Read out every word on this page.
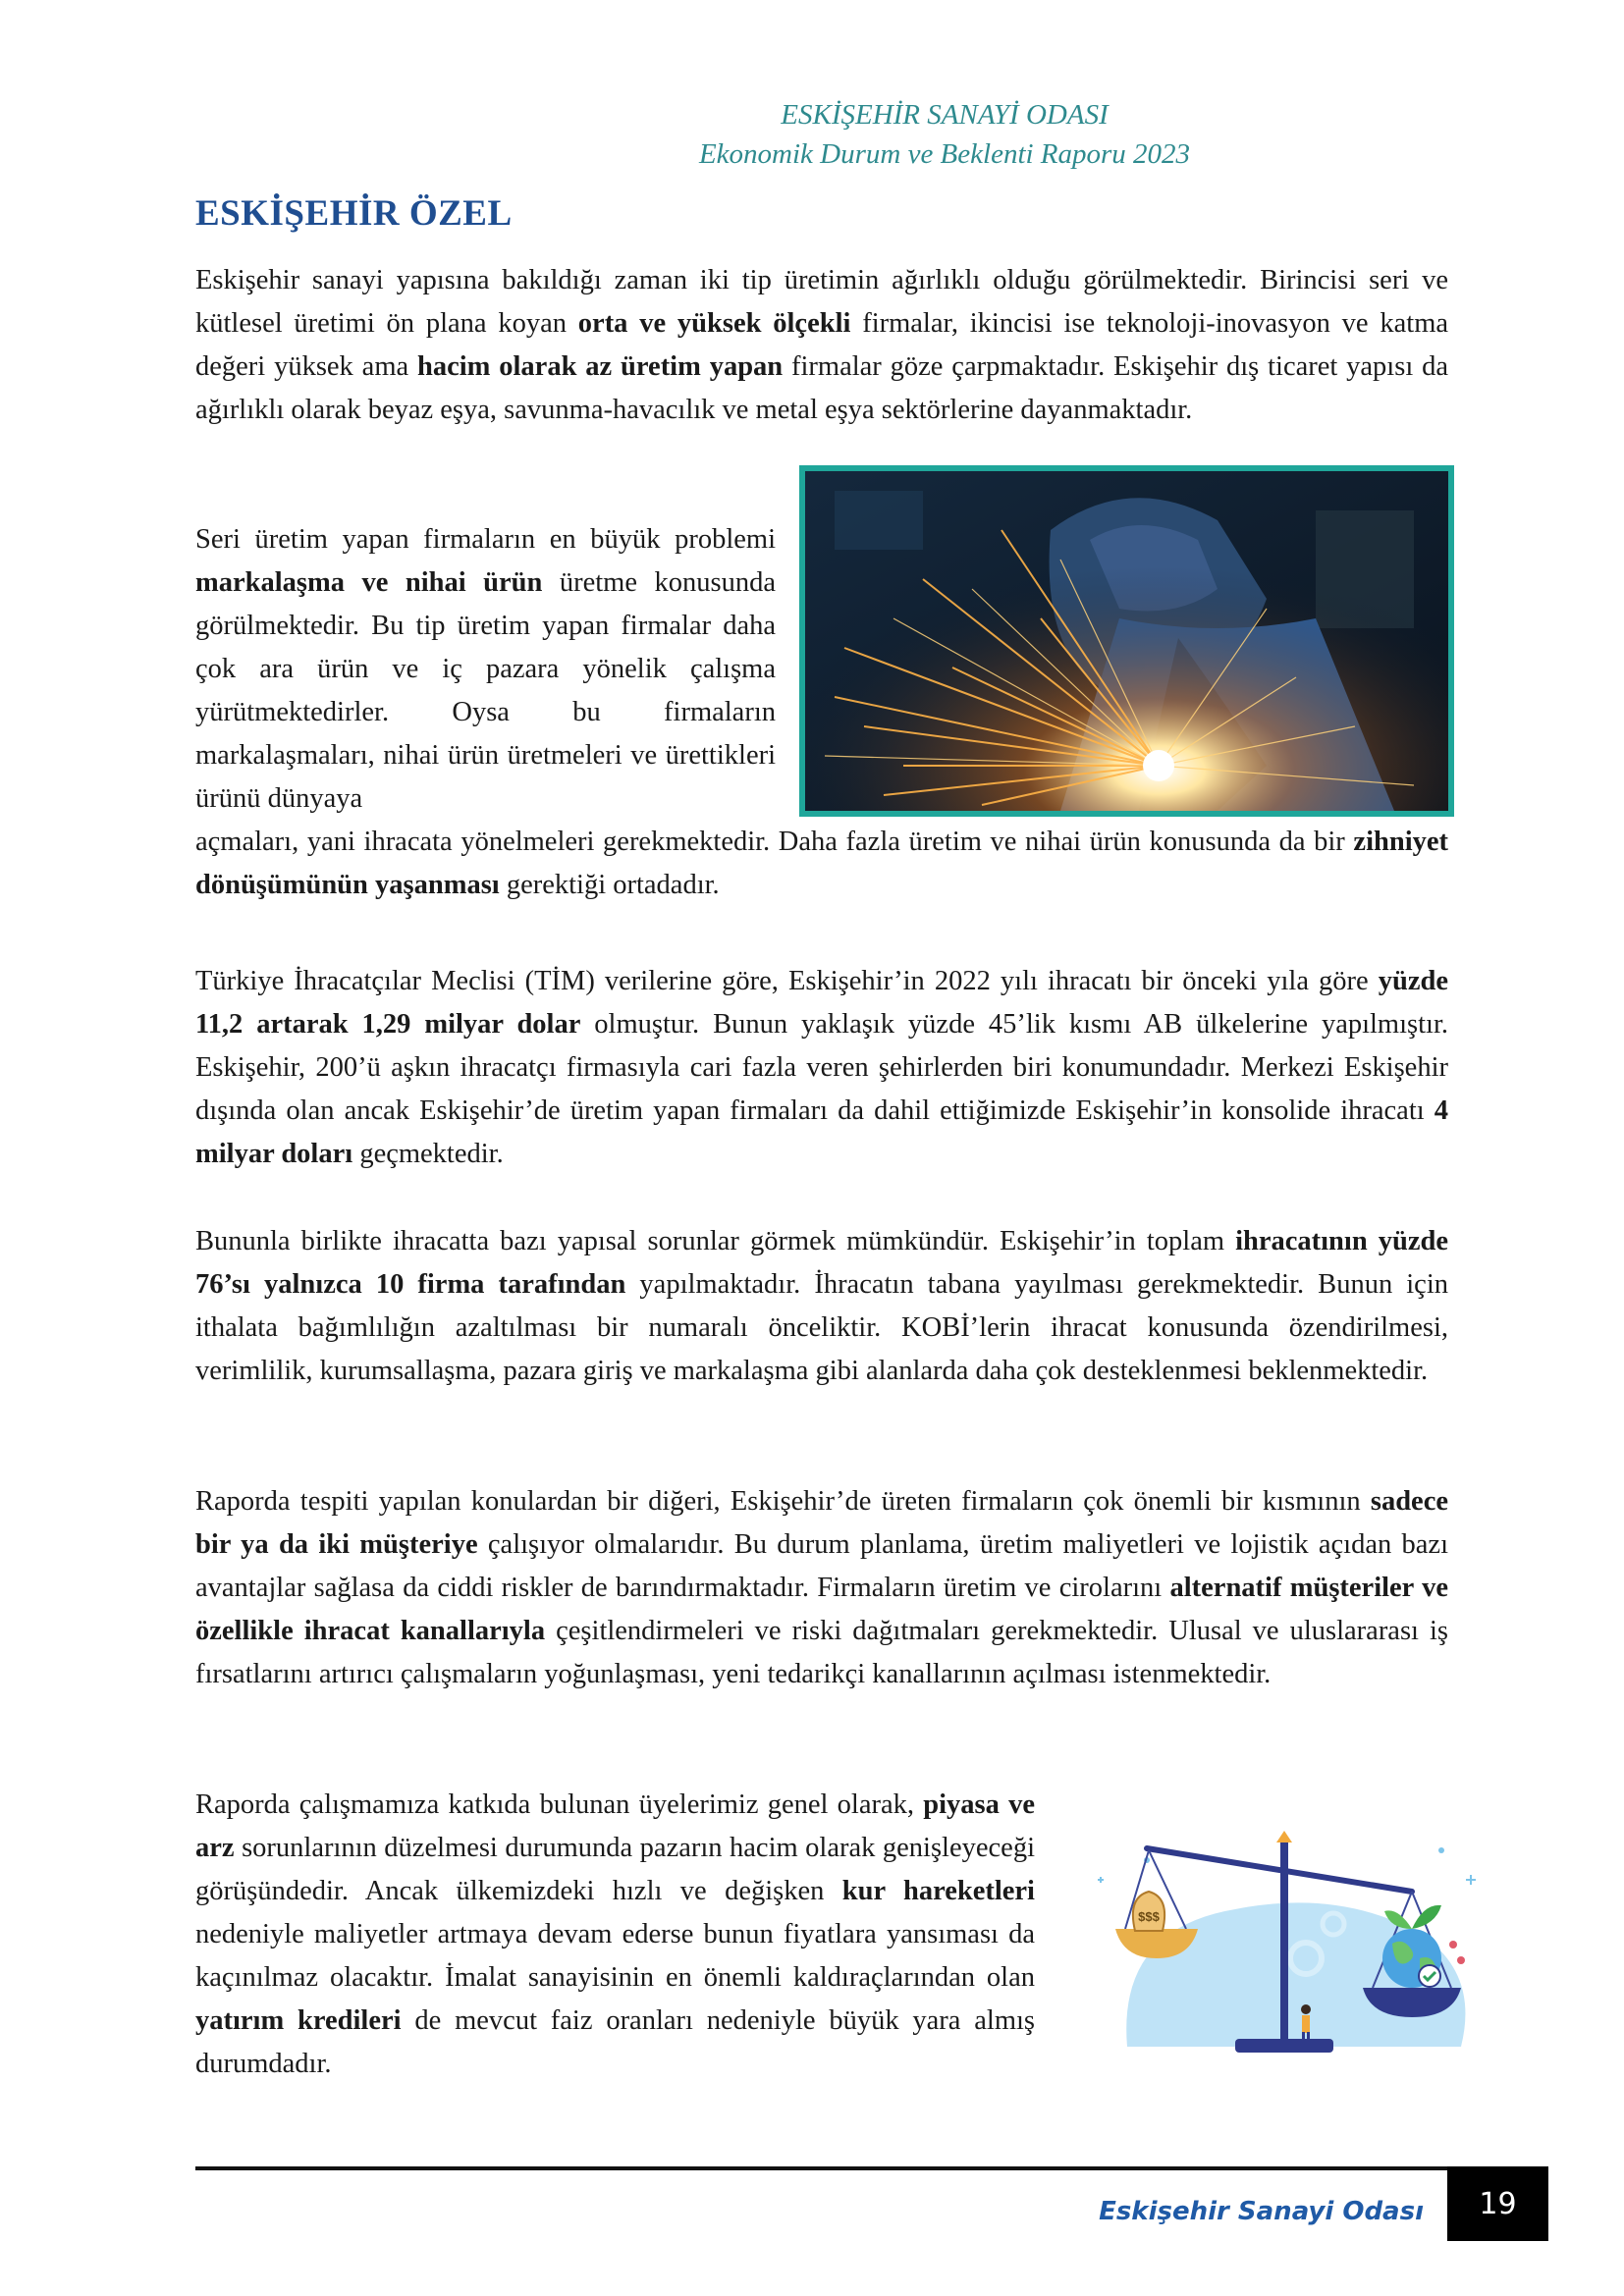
ESKİŞEHİR SANAYİ ODASI
Ekonomik Durum ve Beklenti Raporu 2023
ESKİŞEHİR ÖZEL

Eskişehir sanayi yapısına bakıldığı zaman iki tip üretimin ağırlıklı olduğu görülmektedir. Birincisi seri ve kütlesel üretimi ön plana koyan orta ve yüksek ölçekli firmalar, ikincisi ise teknoloji-inovasyon ve katma değeri yüksek ama hacim olarak az üretim yapan firmalar göze çarpmaktadır. Eskişehir dış ticaret yapısı da ağırlıklı olarak beyaz eşya, savunma-havacılık ve metal eşya sektörlerine dayanmaktadır.

Seri üretim yapan firmaların en büyük problemi markalaşma ve nihai ürün üretme konusunda görülmektedir. Bu tip üretim yapan firmalar daha çok ara ürün ve iç pazara yönelik çalışma yürütmektedirler. Oysa bu firmaların markalaşmaları, nihai ürün üretmeleri ve ürettikleri ürünü dünyaya

açmaları, yani ihracata yönelmeleri gerekmektedir. Daha fazla üretim ve nihai ürün konusunda da bir zihniyet dönüşümünün yaşanması gerektiği ortadadır.

Türkiye İhracatçılar Meclisi (TİM) verilerine göre, Eskişehir’in 2022 yılı ihracatı bir önceki yıla göre yüzde 11,2 artarak 1,29 milyar dolar olmuştur. Bunun yaklaşık yüzde 45’lik kısmı AB ülkelerine yapılmıştır. Eskişehir, 200’ü aşkın ihracatçı firmasıyla cari fazla veren şehirlerden biri konumundadır. Merkezi Eskişehir dışında olan ancak Eskişehir’de üretim yapan firmaları da dahil ettiğimizde Eskişehir’in konsolide ihracatı 4 milyar doları geçmektedir.

Bununla birlikte ihracatta bazı yapısal sorunlar görmek mümkündür. Eskişehir’in toplam ihracatının yüzde 76’sı yalnızca 10 firma tarafından yapılmaktadır. İhracatın tabana yayılması gerekmektedir. Bunun için ithalata bağımlılığın azaltılması bir numaralı önceliktir. KOBİ’lerin ihracat konusunda özendirilmesi, verimlilik, kurumsallaşma, pazara giriş ve markalaşma gibi alanlarda daha çok desteklenmesi beklenmektedir.

Raporda tespiti yapılan konulardan bir diğeri, Eskişehir’de üreten firmaların çok önemli bir kısmının sadece bir ya da iki müşteriye çalışıyor olmalarıdır. Bu durum planlama, üretim maliyetleri ve lojistik açıdan bazı avantajlar sağlasa da ciddi riskler de barındırmaktadır. Firmaların üretim ve cirolarını alternatif müşteriler ve özellikle ihracat kanallarıyla çeşitlendirmeleri ve riski dağıtmaları gerekmektedir. Ulusal ve uluslararası iş fırsatlarını artırıcı çalışmaların yoğunlaşması, yeni tedarikçi kanallarının açılması istenmektedir.

Raporda çalışmamıza katkıda bulunan üyelerimiz genel olarak, piyasa ve arz sorunlarının düzelmesi durumunda pazarın hacim olarak genişleyeceği görüşündedir. Ancak ülkemizdeki hızlı ve değişken kur hareketleri nedeniyle maliyetler artmaya devam ederse bunun fiyatlara yansıması da kaçınılmaz olacaktır. İmalat sanayisinin en önemli kaldıraçlarından olan yatırım kredileri de mevcut faiz oranları nedeniyle büyük yara almış durumdadır.

$$$
Eskişehir Sanayi Odası 19
